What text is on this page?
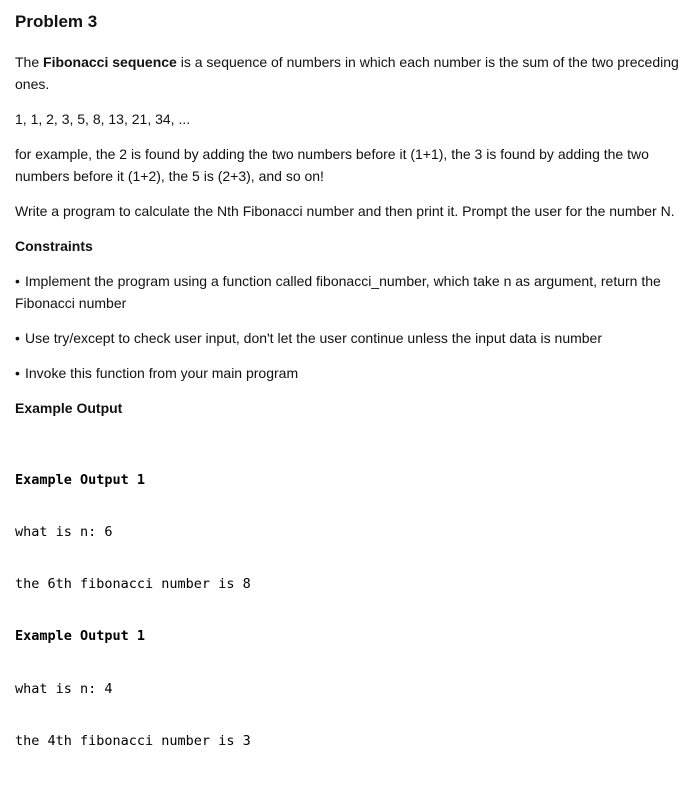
Problem 3

The Fibonacci sequence is a sequence of numbers in which each number is the sum of the two preceding ones.

1, 1, 2, 3, 5, 8, 13, 21, 34, ...

for example, the 2 is found by adding the two numbers before it (1+1), the 3 is found by adding the two numbers before it (1+2), the 5 is (2+3), and so on!

Write a program to calculate the Nth Fibonacci number and then print it. Prompt the user for the number N.

Constraints

• Implement the program using a function called fibonacci_number, which take n as argument, return the Fibonacci number

• Use try/except to check user input, don't let the user continue unless the input data is number

• Invoke this function from your main program

Example Output

Example Output 1

what is n: 6

the 6th fibonacci number is 8

Example Output 1

what is n: 4

the 4th fibonacci number is 3
